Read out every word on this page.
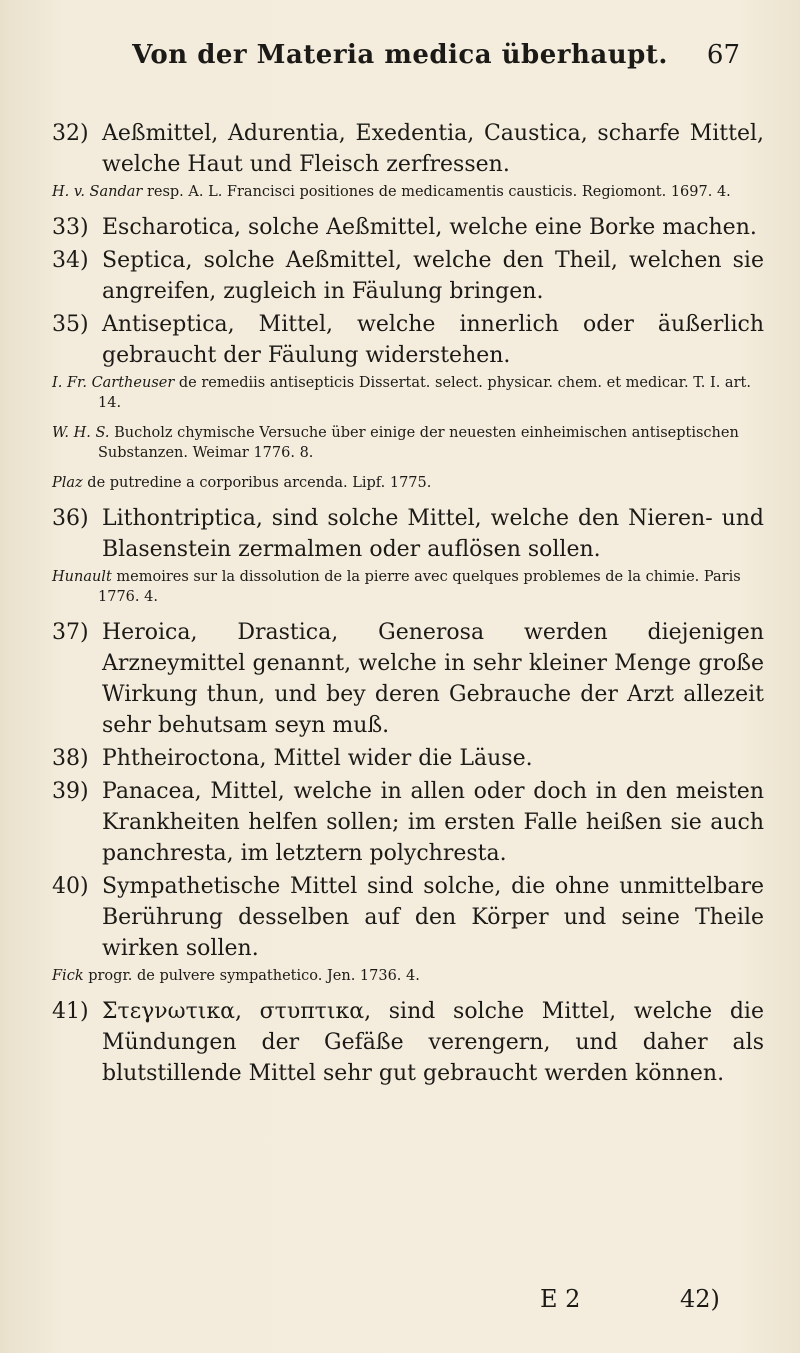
Von der Materia medica überhaupt.	67
32) Aeßmittel, Adurentia, Exedentia, Caustica, scharfe Mittel, welche Haut und Fleisch zerfressen.
H. v. Sandar resp. A. L. Francisci positiones de medicamentis causticis. Regiomont. 1697. 4.
33) Escharotica, solche Aeßmittel, welche eine Borke machen.
34) Septica, solche Aeßmittel, welche den Theil, welchen sie angreifen, zugleich in Fäulung bringen.
35) Antiseptica, Mittel, welche innerlich oder äußerlich gebraucht der Fäulung widerstehen.
I. Fr. Cartheuser de remediis antisepticis Dissertat. select. physicar. chem. et medicar. T. I. art. 14.
W. H. S. Bucholz chymische Versuche über einige der neuesten einheimischen antiseptischen Substanzen. Weimar 1776. 8.
Plaz de putredine a corporibus arcenda. Lipf. 1775.
36) Lithontriptica, sind solche Mittel, welche den Nieren- und Blasenstein zermalmen oder auflösen sollen.
Hunault memoires sur la dissolution de la pierre avec quelques problemes de la chimie. Paris 1776. 4.
37) Heroica, Drastica, Generosa werden diejenigen Arzneymittel genannt, welche in sehr kleiner Menge große Wirkung thun, und bey deren Gebrauche der Arzt allezeit sehr behutsam seyn muß.
38) Phtheiroctona, Mittel wider die Läuse.
39) Panacea, Mittel, welche in allen oder doch in den meisten Krankheiten helfen sollen; im ersten Falle heißen sie auch panchresta, im letztern polychresta.
40) Sympathetische Mittel sind solche, die ohne unmittelbare Berührung desselben auf den Körper und seine Theile wirken sollen.
Fick progr. de pulvere sympathetico. Jen. 1736. 4.
41) Στεγνωτικα, στυπτικα, sind solche Mittel, welche die Mündungen der Gefäße verengern, und daher als blutstillende Mittel sehr gut gebraucht werden können.
E 2	42)
